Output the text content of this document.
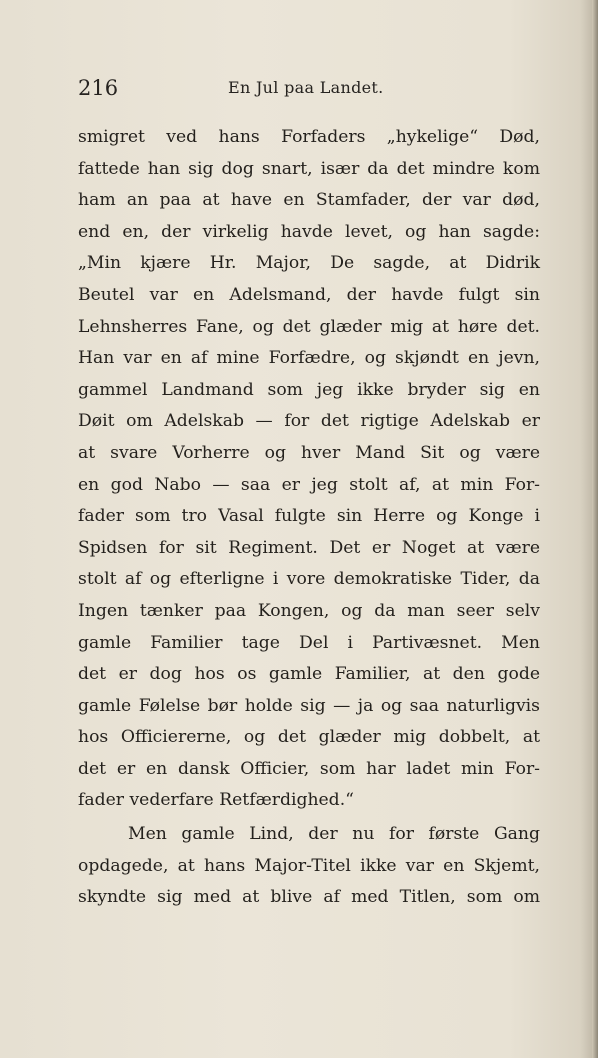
216	En Jul paa Landet.
smigret ved hans Forfaders „hykelige“ Død,
fattede han sig dog snart, især da det mindre kom
ham an paa at have en Stamfader, der var død,
end en, der virkelig havde levet, og han sagde:
„Min kjære Hr. Major, De sagde, at Didrik
Beutel var en Adelsmand, der havde fulgt sin
Lehnsherres Fane, og det glæder mig at høre det.
Han var en af mine Forfædre, og skjøndt en jevn,
gammel Landmand som jeg ikke bryder sig en
Døit om Adelskab — for det rigtige Adelskab er
at svare Vorherre og hver Mand Sit og være
en god Nabo — saa er jeg stolt af, at min For-
fader som tro Vasal fulgte sin Herre og Konge i
Spidsen for sit Regiment. Det er Noget at være
stolt af og efterligne i vore demokratiske Tider, da
Ingen tænker paa Kongen, og da man seer selv
gamle Familier tage Del i Partivæsnet. Men
det er dog hos os gamle Familier, at den gode
gamle Følelse bør holde sig — ja og saa naturligvis
hos Officiererne, og det glæder mig dobbelt, at
det er en dansk Officier, som har ladet min For-
fader vederfare Retfærdighed.“
Men gamle Lind, der nu for første Gang
opdagede, at hans Major-Titel ikke var en Skjemt,
skyndte sig med at blive af med Titlen, som om
